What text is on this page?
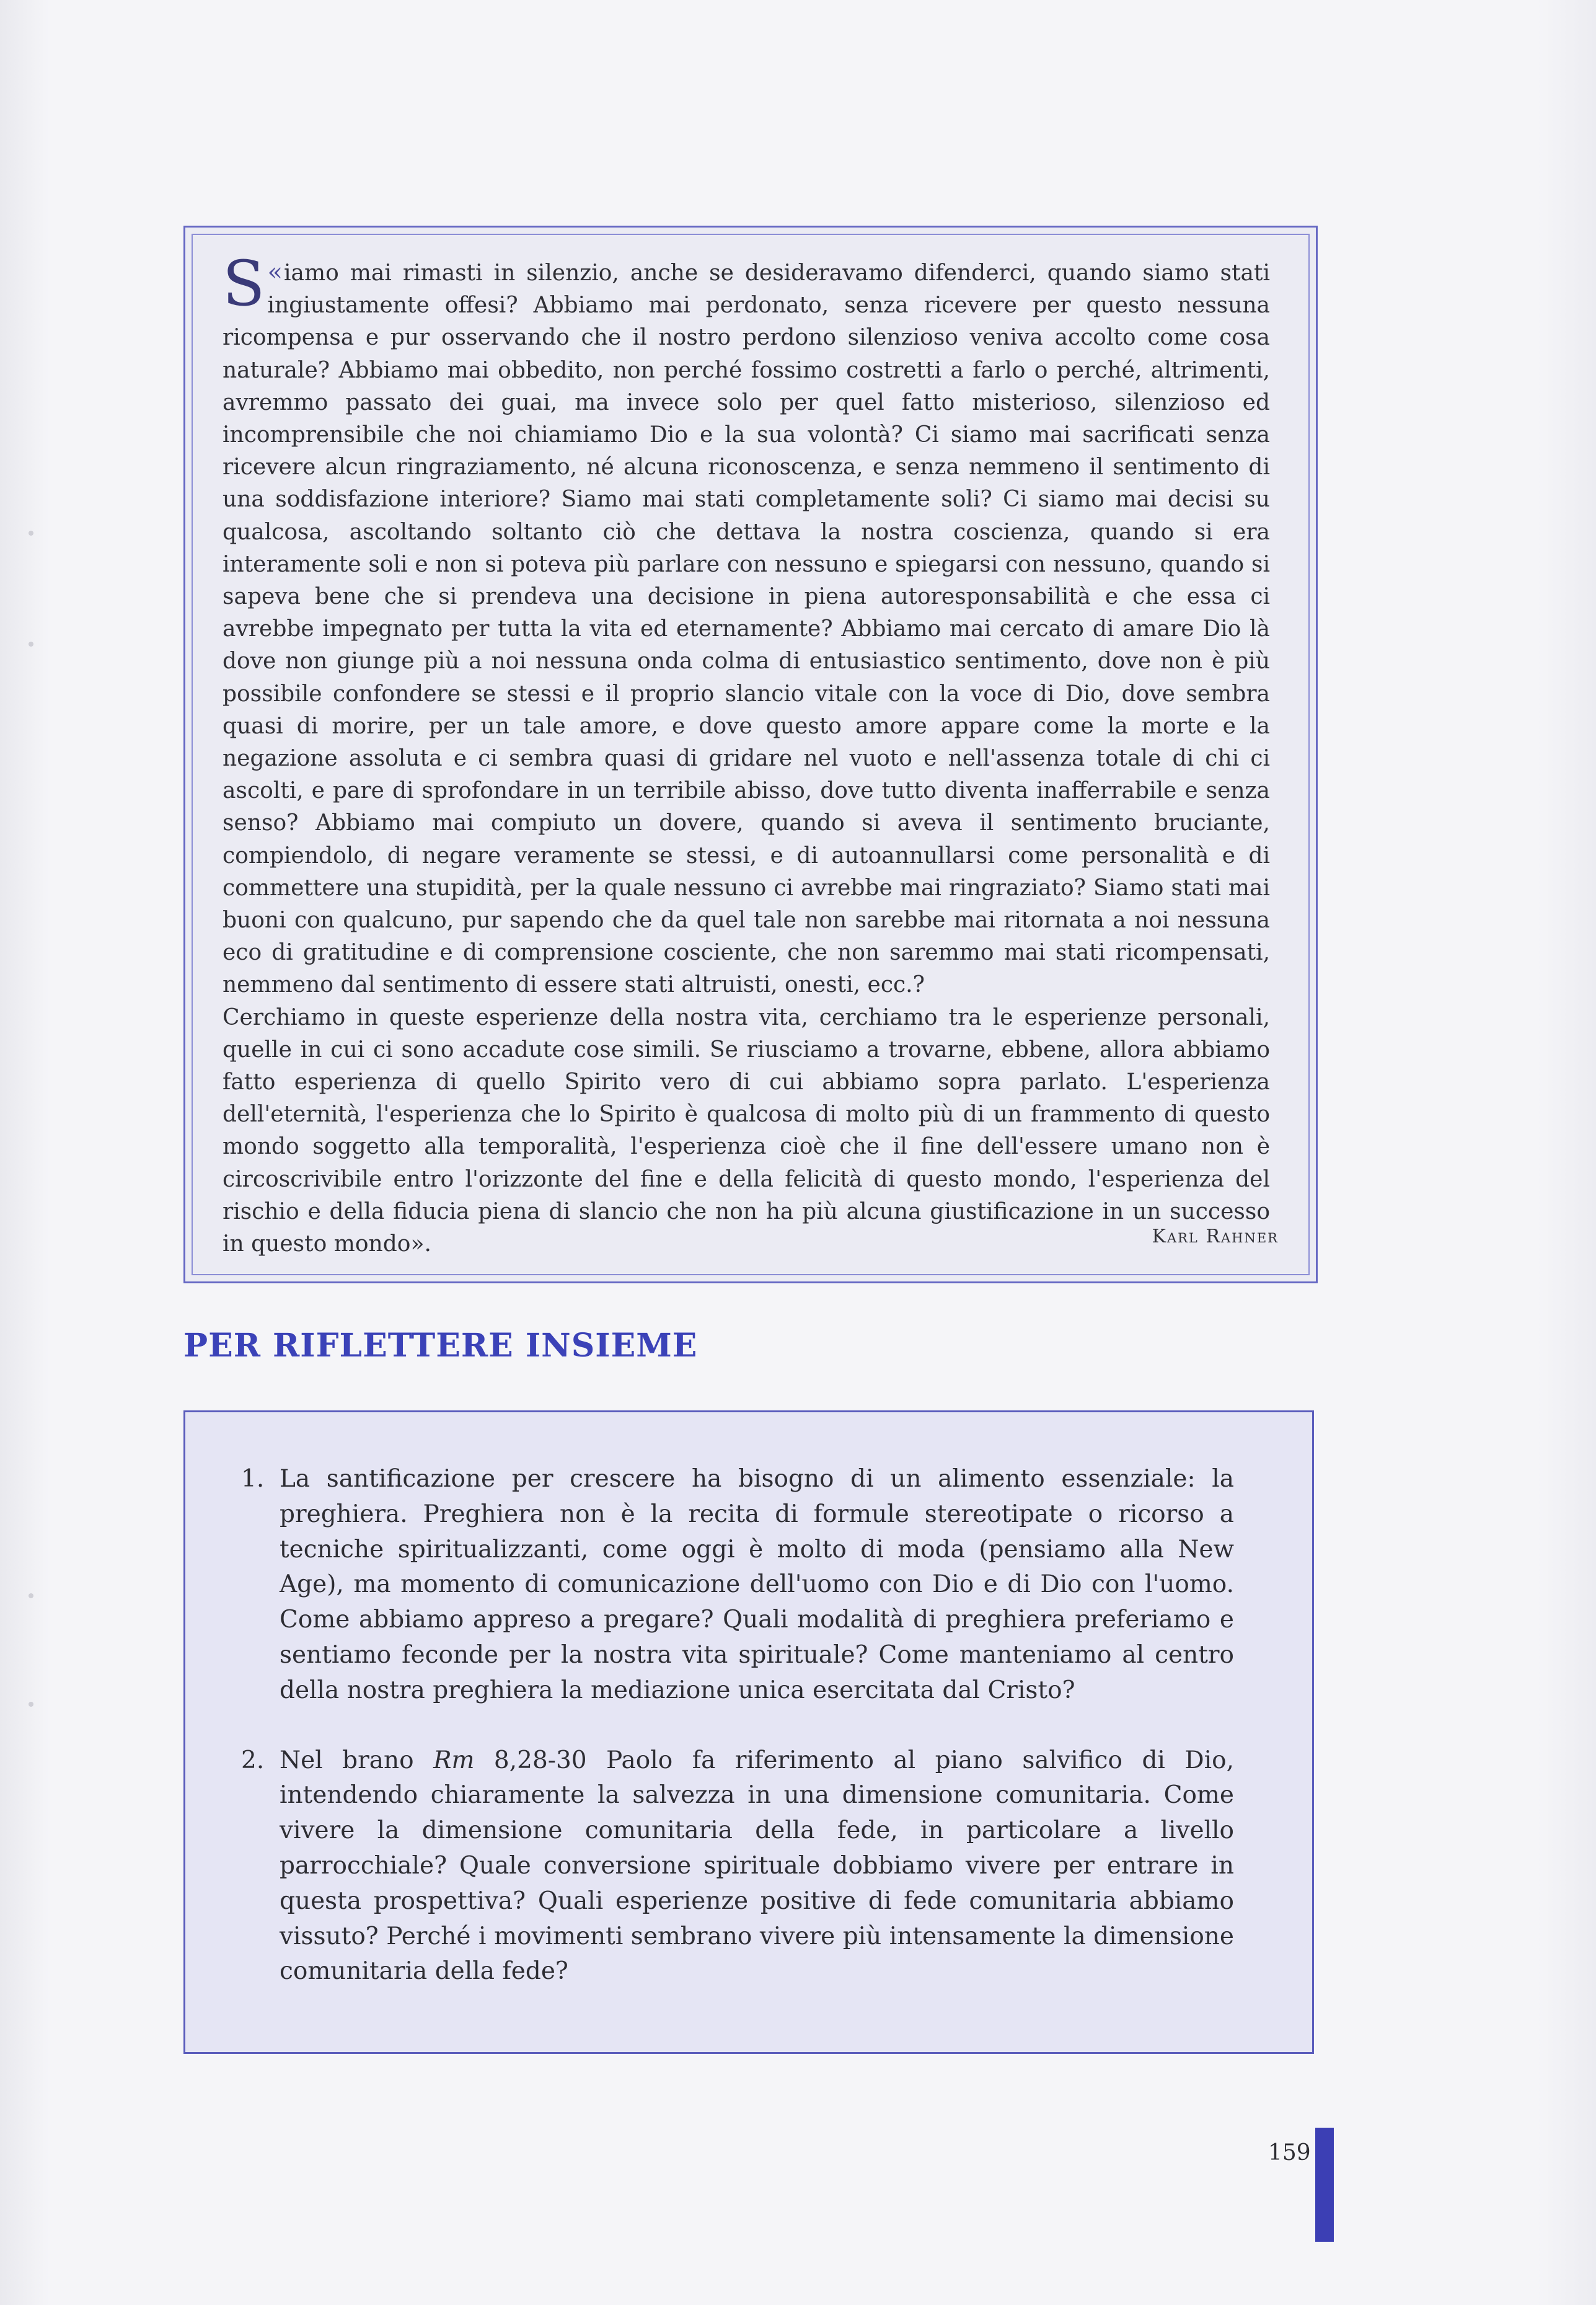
«
S iamo mai rimasti in silenzio, anche se desideravamo difenderci, quando siamo stati ingiustamente offesi? Abbiamo mai perdonato, senza ricevere per questo nessuna ricompensa e pur osservando che il nostro perdono silenzioso veniva accolto come cosa naturale? Abbiamo mai obbedito, non perché fossimo costretti a farlo o perché, altrimenti, avremmo passato dei guai, ma invece solo per quel fatto misterioso, silenzioso ed incomprensibile che noi chiamiamo Dio e la sua volontà? Ci siamo mai sacrificati senza ricevere alcun ringraziamento, né alcuna riconoscenza, e senza nemmeno il sentimento di una soddisfazione interiore? Siamo mai stati completamente soli? Ci siamo mai decisi su qualcosa, ascoltando soltanto ciò che dettava la nostra coscienza, quando si era interamente soli e non si poteva più parlare con nessuno e spiegarsi con nessuno, quando si sapeva bene che si prendeva una decisione in piena autoresponsabilità e che essa ci avrebbe impegnato per tutta la vita ed eternamente? Abbiamo mai cercato di amare Dio là dove non giunge più a noi nessuna onda colma di entusiastico sentimento, dove non è più possibile confondere se stessi e il proprio slancio vitale con la voce di Dio, dove sembra quasi di morire, per un tale amore, e dove questo amore appare come la morte e la negazione assoluta e ci sembra quasi di gridare nel vuoto e nell'assenza totale di chi ci ascolti, e pare di sprofondare in un terribile abisso, dove tutto diventa inafferrabile e senza senso? Abbiamo mai compiuto un dovere, quando si aveva il sentimento bruciante, compiendolo, di negare veramente se stessi, e di autoannullarsi come personalità e di commettere una stupidità, per la quale nessuno ci avrebbe mai ringraziato? Siamo stati mai buoni con qualcuno, pur sapendo che da quel tale non sarebbe mai ritornata a noi nessuna eco di gratitudine e di comprensione cosciente, che non saremmo mai stati ricompensati, nemmeno dal sentimento di essere stati altruisti, onesti, ecc.?
Cerchiamo in queste esperienze della nostra vita, cerchiamo tra le esperienze personali, quelle in cui ci sono accadute cose simili. Se riusciamo a trovarne, ebbene, allora abbiamo fatto esperienza di quello Spirito vero di cui abbiamo sopra parlato. L'esperienza dell'eternità, l'esperienza che lo Spirito è qualcosa di molto più di un frammento di questo mondo soggetto alla temporalità, l'esperienza cioè che il fine dell'essere umano non è circoscrivibile entro l'orizzonte del fine e della felicità di questo mondo, l'esperienza del rischio e della fiducia piena di slancio che non ha più alcuna giustificazione in un successo in questo mondo».	Karl Rahner
PER RIFLETTERE INSIEME
1. La santificazione per crescere ha bisogno di un alimento essenziale: la preghiera. Preghiera non è la recita di formule stereotipate o ricorso a tecniche spiritualizzanti, come oggi è molto di moda (pensiamo alla New Age), ma momento di comunicazione dell'uomo con Dio e di Dio con l'uomo. Come abbiamo appreso a pregare? Quali modalità di preghiera preferiamo e sentiamo feconde per la nostra vita spirituale? Come manteniamo al centro della nostra preghiera la mediazione unica esercitata dal Cristo?
2. Nel brano Rm 8,28-30 Paolo fa riferimento al piano salvifico di Dio, intendendo chiaramente la salvezza in una dimensione comunitaria. Come vivere la dimensione comunitaria della fede, in particolare a livello parrocchiale? Quale conversione spirituale dobbiamo vivere per entrare in questa prospettiva? Quali esperienze positive di fede comunitaria abbiamo vissuto? Perché i movimenti sembrano vivere più intensamente la dimensione comunitaria della fede?
159
